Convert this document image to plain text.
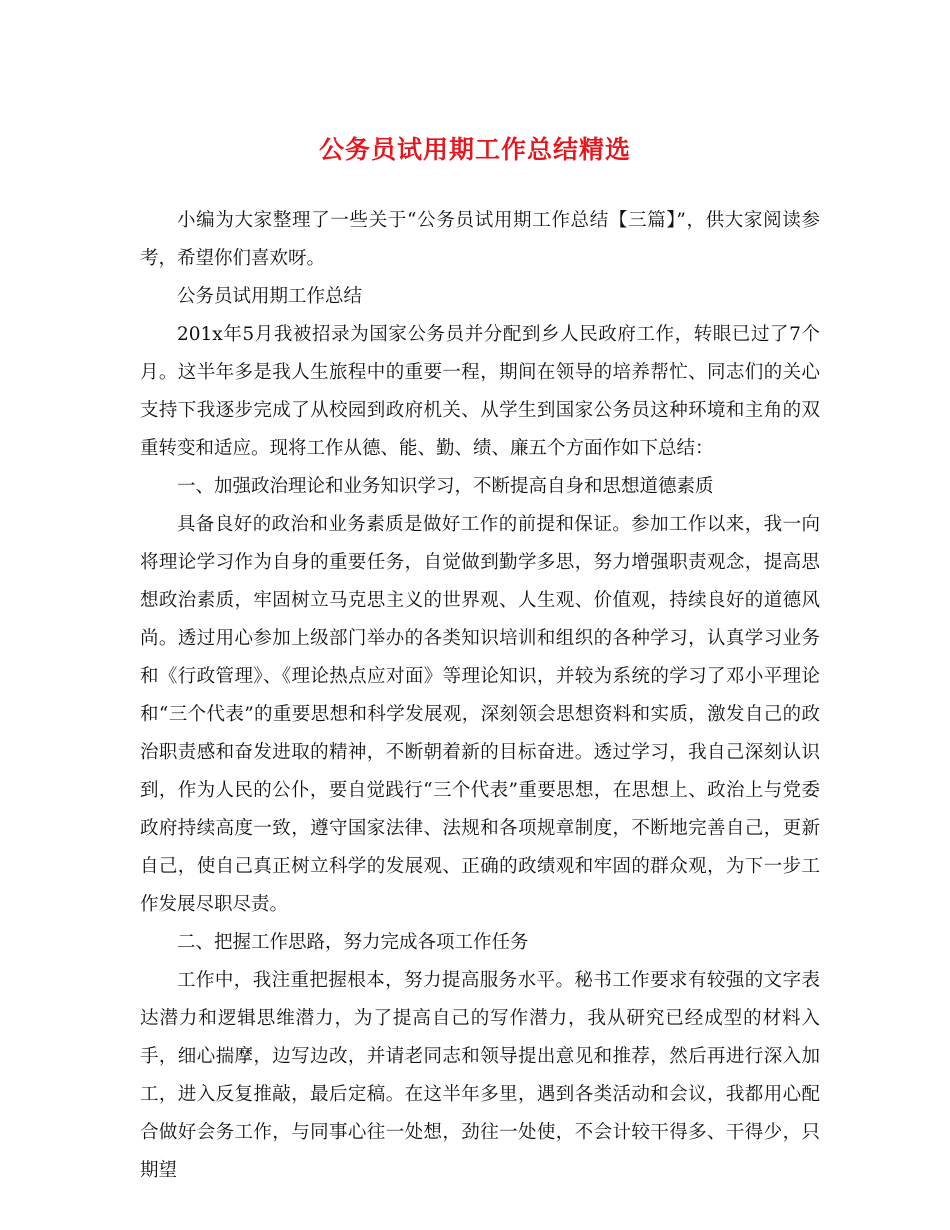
公务员试用期工作总结精选

小编为大家整理了一些关于“公务员试用期工作总结【三篇】”，供大家阅读参考，希望你们喜欢呀。

公务员试用期工作总结

201x年5月我被招录为国家公务员并分配到乡人民政府工作，转眼已过了7个月。这半年多是我人生旅程中的重要一程，期间在领导的培养帮忙、同志们的关心支持下我逐步完成了从校园到政府机关、从学生到国家公务员这种环境和主角的双重转变和适应。现将工作从德、能、勤、绩、廉五个方面作如下总结：

一、加强政治理论和业务知识学习，不断提高自身和思想道德素质

具备良好的政治和业务素质是做好工作的前提和保证。参加工作以来，我一向将理论学习作为自身的重要任务，自觉做到勤学多思，努力增强职责观念，提高思想政治素质，牢固树立马克思主义的世界观、人生观、价值观，持续良好的道德风尚。透过用心参加上级部门举办的各类知识培训和组织的各种学习，认真学习业务和《行政管理》、《理论热点应对面》等理论知识，并较为系统的学习了邓小平理论和“三个代表”的重要思想和科学发展观，深刻领会思想资料和实质，激发自己的政治职责感和奋发进取的精神，不断朝着新的目标奋进。透过学习，我自己深刻认识到，作为人民的公仆，要自觉践行“三个代表”重要思想，在思想上、政治上与党委政府持续高度一致，遵守国家法律、法规和各项规章制度，不断地完善自己，更新自己，使自己真正树立科学的发展观、正确的政绩观和牢固的群众观，为下一步工作发展尽职尽责。

二、把握工作思路，努力完成各项工作任务

工作中，我注重把握根本，努力提高服务水平。秘书工作要求有较强的文字表达潜力和逻辑思维潜力，为了提高自己的写作潜力，我从研究已经成型的材料入手，细心揣摩，边写边改，并请老同志和领导提出意见和推荐，然后再进行深入加工，进入反复推敲，最后定稿。在这半年多里，遇到各类活动和会议，我都用心配合做好会务工作，与同事心往一处想，劲往一处使，不会计较干得多、干得少，只期望
